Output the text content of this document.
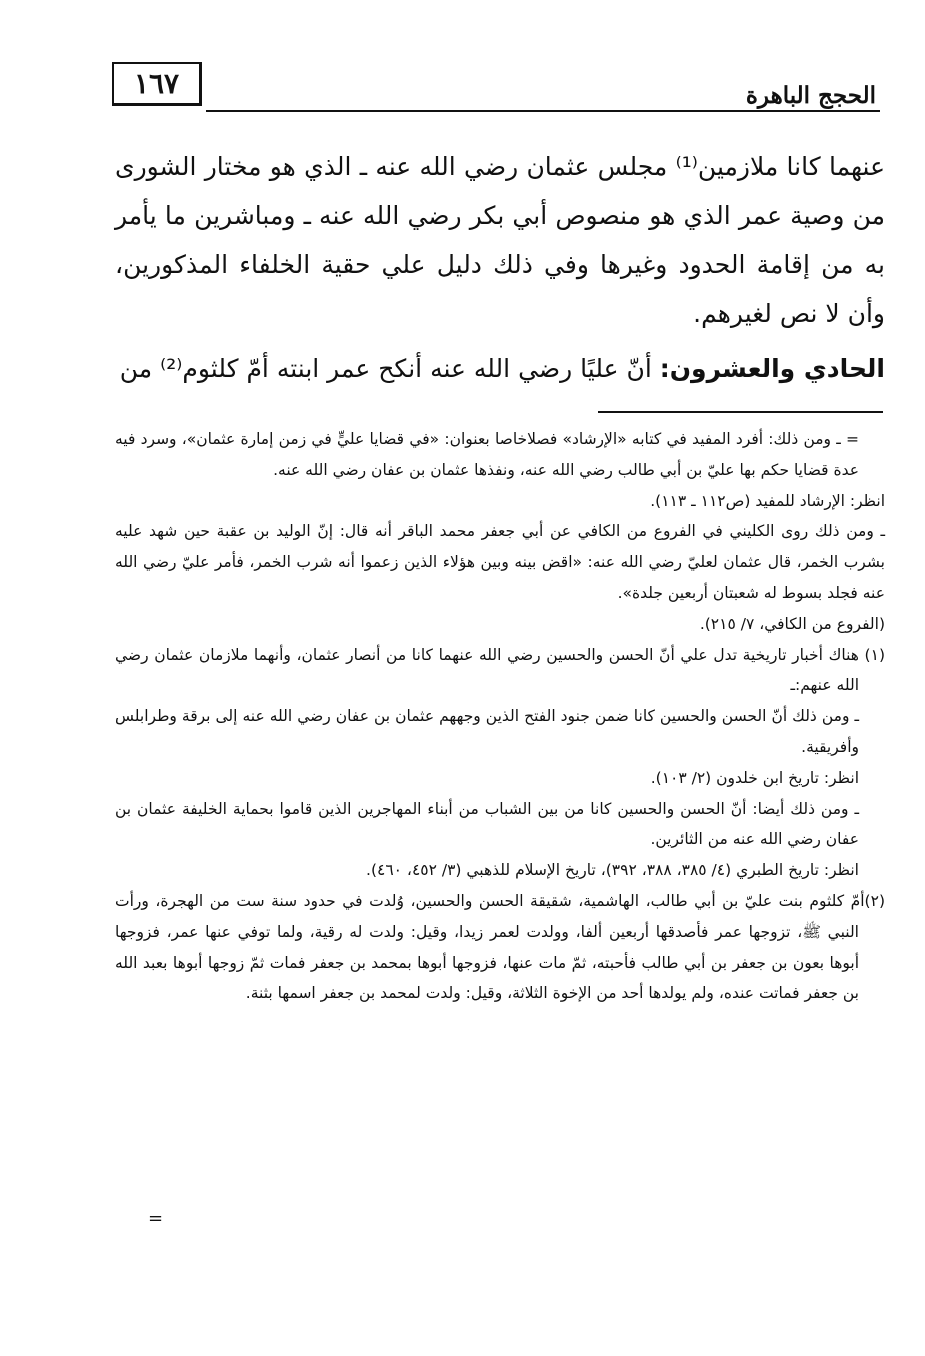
١٦٧	الحجج الباهرة

عنهما كانا ملازمين⁽¹⁾ مجلس عثمان رضي الله عنه ـ الذي هو مختار الشورى من وصية عمر الذي هو منصوص أبي بكر رضي الله عنه ـ ومباشرين ما يأمر به من إقامة الحدود وغيرها وفي ذلك دليل علي حقية الخلفاء المذكورين، وأن لا نص لغيرهم.

الحادي والعشرون: أنّ عليًا رضي الله عنه أنكح عمر ابنته أمّ كلثوم⁽²⁾ من

= ـ ومن ذلك: أفرد المفيد في كتابه «الإرشاد» فصلاخاصا بعنوان: «في قضايا عليٍّ في زمن إمارة عثمان»، وسرد فيه عدة قضايا حكم بها عليّ بن أبي طالب رضي الله عنه، ونفذها عثمان بن عفان رضي الله عنه.

انظر: الإرشاد للمفيد (ص١١٢ ـ ١١٣).

ـ ومن ذلك روى الكليني في الفروع من الكافي عن أبي جعفر محمد الباقر أنه قال: إنّ الوليد بن عقبة حين شهد عليه بشرب الخمر، قال عثمان لعليّ رضي الله عنه: «اقض بينه وبين هؤلاء الذين زعموا أنه شرب الخمر، فأمر عليّ رضي الله عنه فجلد بسوط له شعبتان أربعين جلدة».

(الفروع من الكافي، ٧/ ٢١٥).

(١) هناك أخبار تاريخية تدل علي أنّ الحسن والحسين رضي الله عنهما كانا من أنصار عثمان، وأنهما ملازمان عثمان رضي الله عنهم:ـ

ـ ومن ذلك أنّ الحسن والحسين كانا ضمن جنود الفتح الذين وجههم عثمان بن عفان رضي الله عنه إلى برقة وطرابلس وأفريقية.

انظر: تاريخ ابن خلدون (٢/ ١٠٣).

ـ ومن ذلك أيضا: أنّ الحسن والحسين كانا من بين الشباب من أبناء المهاجرين الذين قاموا بحماية الخليفة عثمان بن عفان رضي الله عنه من الثائرين.

انظر: تاريخ الطبري (٤/ ٣٨٥، ٣٨٨، ٣٩٢)، تاريخ الإسلام للذهبي (٣/ ٤٥٢، ٤٦٠).

(٢)أمّ كلثوم بنت عليّ بن أبي طالب، الهاشمية، شقيقة الحسن والحسين، وُلدت في حدود سنة ست من الهجرة، ورأت النبي ﷺ، تزوجها عمر فأصدقها أربعين ألفا، وولدت لعمر زيدا، وقيل: ولدت له رقية، ولما توفي عنها عمر، فزوجها أبوها بعون بن جعفر بن أبي طالب فأحبته، ثمّ مات عنها، فزوجها أبوها بمحمد بن جعفر فمات ثمّ زوجها أبوها بعبد الله بن جعفر فماتت عنده، ولم يولدها أحد من الإخوة الثلاثة، وقيل: ولدت لمحمد بن جعفر اسمها بثنة.

=
